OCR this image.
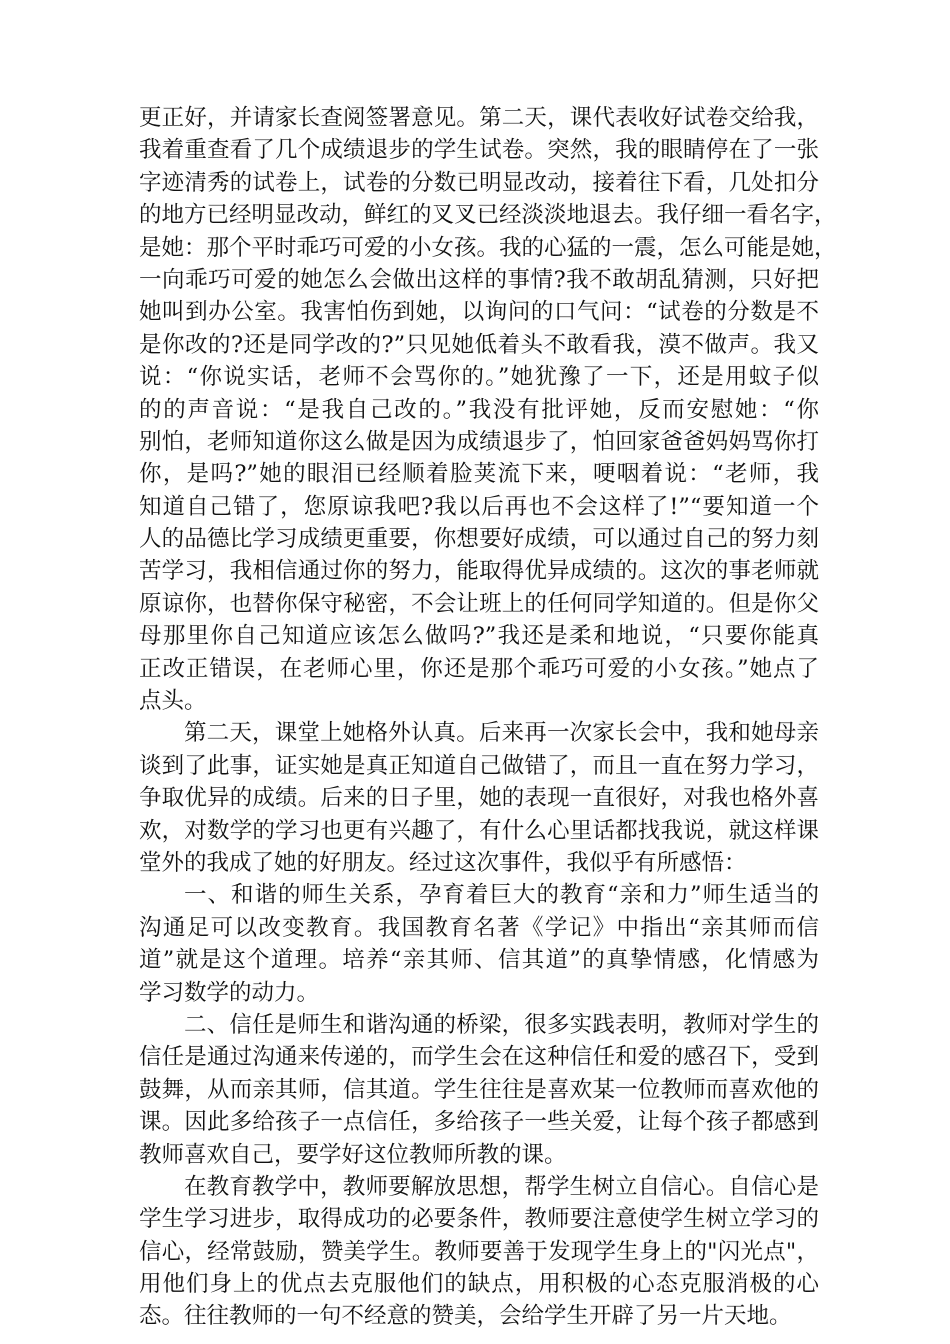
更正好，并请家长查阅签署意见。第二天，课代表收好试卷交给我，
我着重查看了几个成绩退步的学生试卷。突然，我的眼睛停在了一张
字迹清秀的试卷上，试卷的分数已明显改动，接着往下看，几处扣分
的地方已经明显改动，鲜红的叉叉已经淡淡地退去。我仔细一看名字，
是她：那个平时乖巧可爱的小女孩。我的心猛的一震，怎么可能是她，
一向乖巧可爱的她怎么会做出这样的事情?我不敢胡乱猜测，只好把
她叫到办公室。我害怕伤到她，以询问的口气问：“试卷的分数是不
是你改的?还是同学改的?”只见她低着头不敢看我，漠不做声。我又
说：“你说实话，老师不会骂你的。”她犹豫了一下，还是用蚊子似
的的声音说：“是我自己改的。”我没有批评她，反而安慰她：“你
别怕，老师知道你这么做是因为成绩退步了，怕回家爸爸妈妈骂你打
你，是吗?”她的眼泪已经顺着脸荚流下来，哽咽着说：“老师，我
知道自己错了，您原谅我吧?我以后再也不会这样了!”“要知道一个
人的品德比学习成绩更重要，你想要好成绩，可以通过自己的努力刻
苦学习，我相信通过你的努力，能取得优异成绩的。这次的事老师就
原谅你，也替你保守秘密，不会让班上的任何同学知道的。但是你父
母那里你自己知道应该怎么做吗?”我还是柔和地说，“只要你能真
正改正错误，在老师心里，你还是那个乖巧可爱的小女孩。”她点了
点头。
第二天，课堂上她格外认真。后来再一次家长会中，我和她母亲
谈到了此事，证实她是真正知道自己做错了，而且一直在努力学习，
争取优异的成绩。后来的日子里，她的表现一直很好，对我也格外喜
欢，对数学的学习也更有兴趣了，有什么心里话都找我说，就这样课
堂外的我成了她的好朋友。经过这次事件，我似乎有所感悟：
一、和谐的师生关系，孕育着巨大的教育“亲和力”师生适当的
沟通足可以改变教育。我国教育名著《学记》中指出“亲其师而信
道”就是这个道理。培养“亲其师、信其道”的真挚情感，化情感为
学习数学的动力。
二、信任是师生和谐沟通的桥梁，很多实践表明，教师对学生的
信任是通过沟通来传递的，而学生会在这种信任和爱的感召下，受到
鼓舞，从而亲其师，信其道。学生往往是喜欢某一位教师而喜欢他的
课。因此多给孩子一点信任，多给孩子一些关爱，让每个孩子都感到
教师喜欢自己，要学好这位教师所教的课。
在教育教学中，教师要解放思想，帮学生树立自信心。自信心是
学生学习进步，取得成功的必要条件，教师要注意使学生树立学习的
信心，经常鼓励，赞美学生。教师要善于发现学生身上的"闪光点"，
用他们身上的优点去克服他们的缺点，用积极的心态克服消极的心
态。往往教师的一句不经意的赞美，会给学生开辟了另一片天地。
